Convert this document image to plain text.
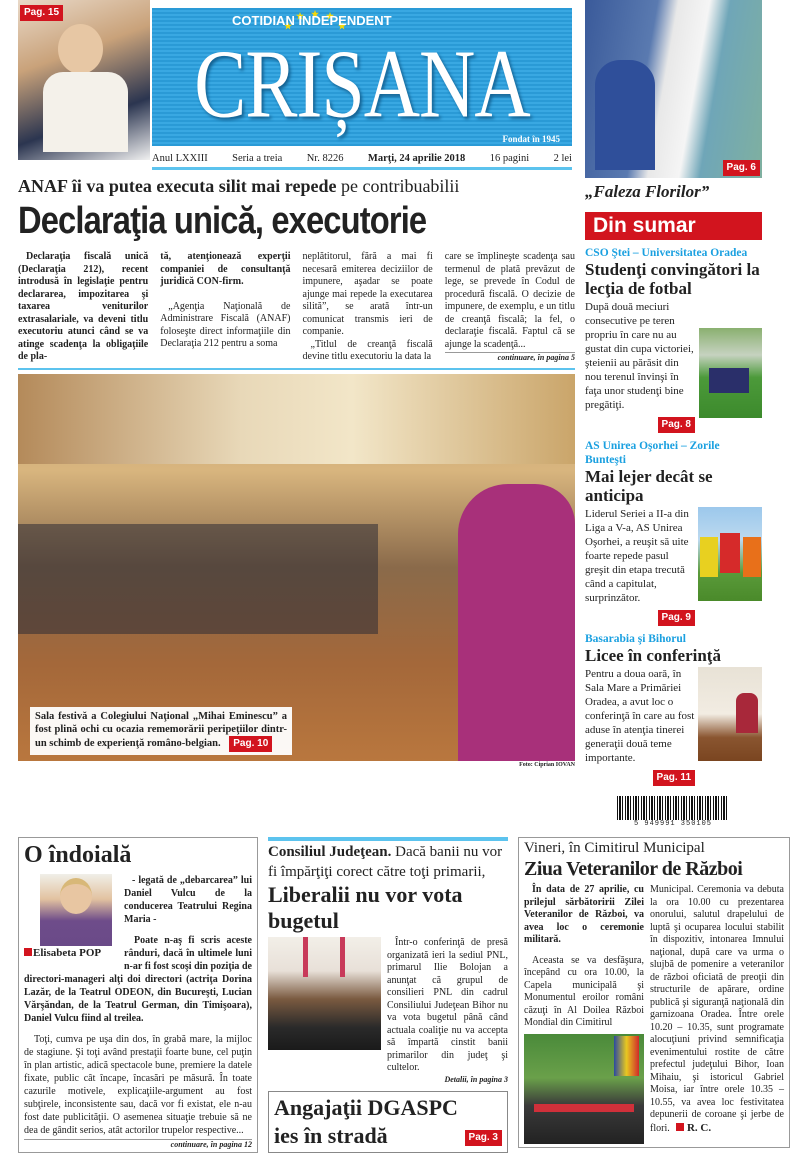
Pag. 15
COTIDIAN INDEPENDENT
CRIȘANA
Fondat în 1945
Anul LXXIII Seria a treia Nr. 8226 Marţi, 24 aprilie 2018 16 pagini 2 lei
ANAF îi va putea executa silit mai repede pe contribuabilii
Declaraţia unică, executorie

Declaraţia fiscală unică (Declaraţia 212), recent introdusă în legislaţie pentru declararea, impozitarea şi taxarea veniturilor extrasalariale, va deveni titlu executoriu atunci când se va atinge scadenţa la obligaţiile de pla-

tă, atenţionează experţii companiei de consultanţă juridică CON-firm.

„Agenţia Naţională de Administrare Fiscală (ANAF) foloseşte direct informaţiile din Declaraţia 212 pentru a soma

neplătitorul, fără a mai fi necesară emiterea deciziilor de impunere, aşadar se poate ajunge mai repede la executarea silită”, se arată într-un comunicat transmis ieri de companie.

„Titlul de creanţă fiscală devine titlu executoriu la data la

care se împlineşte scadenţa sau termenul de plată prevăzut de lege, se prevede în Codul de procedură fiscală. O decizie de impunere, de exemplu, e un titlu de creanţă fiscală; la fel, o declaraţie fiscală. Faptul că se ajunge la scadenţă...

continuare, în pagina 5
Sala festivă a Colegiului Naţional „Mihai Eminescu” a fost plină ochi cu ocazia rememorării peripeţiilor dintr-un schimb de experienţă româno-belgian. Pag. 10
Foto: Ciprian IOVAN
Pag. 6
„Faleza Florilor”
Din sumar
CSO Ştei – Universitatea Oradea
Studenţi convingători la lecţia de fotbal
După două meciuri consecutive pe teren propriu în care nu au gustat din cupa victoriei, şteienii au părăsit din nou terenul învinşi în faţa unor studenţi bine pregătiţi.
Pag. 8
AS Unirea Oşorhei – Zorile Bunteşti
Mai lejer decât se anticipa
Liderul Seriei a II-a din Liga a V-a, AS Unirea Oşorhei, a reuşit să uite foarte repede pasul greşit din etapa trecută când a capitulat, surprinzător.
Pag. 9
Basarabia şi Bihorul
Licee în conferinţă
Pentru a doua oară, în Sala Mare a Primăriei Oradea, a avut loc o conferinţă în care au fost aduse în atenţia tinerei generaţii două teme importante.
Pag. 11
5 949991 350105
O îndoială
Elisabeta POP
- legată de „debarcarea” lui Daniel Vulcu de la conducerea Teatrului Regina Maria -
Poate n-aş fi scris aceste rânduri, dacă în ultimele luni n-ar fi fost scoşi din poziţia de directori-manageri alţi doi directori (actriţa Dorina Lazăr, de la Teatrul ODEON, din Bucureşti, Lucian Vărşăndan, de la Teatrul German, din Timişoara), Daniel Vulcu fiind al treilea.
Toţi, cumva pe uşa din dos, în grabă mare, la mijloc de stagiune. Şi toţi având prestaţii foarte bune, cel puţin în plan artistic, adică spectacole bune, premiere la datele fixate, public cât încape, încasări pe măsură. În toate cazurile motivele, explicaţiile-argument au fost subţirele, inconsistente sau, dacă vor fi existat, ele n-au fost date publicităţii. O asemenea situaţie trebuie să ne dea de gândit serios, atât actorilor trupelor respective...
continuare, în pagina 12
Consiliul Judeţean. Dacă banii nu vor fi împărţiţi corect către toţi primarii,
Liberalii nu vor vota bugetul
Într-o conferinţă de presă organizată ieri la sediul PNL, primarul Ilie Bolojan a anunţat că grupul de consilieri PNL din cadrul Consiliului Judeţean Bihor nu va vota bugetul până când actuala coaliţie nu va accepta să împartă cinstit banii primarilor din judeţ şi cultelor.
Detalii, în pagina 3
Angajaţii DGASPC ies în stradă	Pag. 3
Vineri, în Cimitirul Municipal
Ziua Veteranilor de Război
În data de 27 aprilie, cu prilejul sărbătoririi Zilei Veteranilor de Război, va avea loc o ceremonie militară.
Aceasta se va desfăşura, începând cu ora 10.00, la Capela municipală şi Monumentul eroilor români căzuţi în Al Doilea Război Mondial din Cimitirul
Municipal. Ceremonia va debuta la ora 10.00 cu prezentarea onorului, salutul drapelului de luptă şi ocuparea locului stabilit în dispozitiv, intonarea Imnului naţional, după care va urma o slujbă de pomenire a veteranilor de război oficiată de preoţii din structurile de apărare, ordine publică şi siguranţă naţională din garnizoana Oradea. Între orele 10.20 – 10.35, sunt programate alocuţiuni privind semnificaţia evenimentului rostite de către prefectul judeţului Bihor, Ioan Mihaiu, şi istoricul Gabriel Moisa, iar între orele 10.35 – 10.55, va avea loc festivitatea depunerii de coroane şi jerbe de flori. R. C.
